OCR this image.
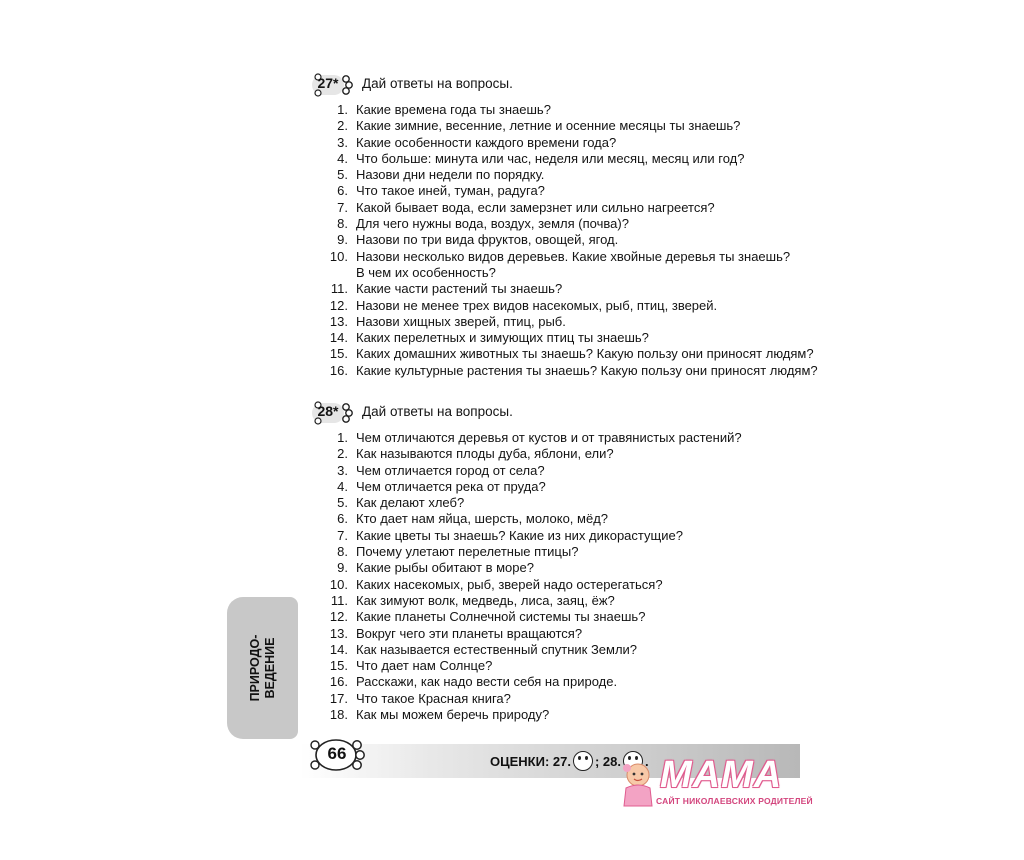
27*	Дай ответы на вопросы.
1. Какие времена года ты знаешь?
2. Какие зимние, весенние, летние и осенние месяцы ты знаешь?
3. Какие особенности каждого времени года?
4. Что больше: минута или час, неделя или месяц, месяц или год?
5. Назови дни недели по порядку.
6. Что такое иней, туман, радуга?
7. Какой бывает вода, если замерзнет или сильно нагреется?
8. Для чего нужны вода, воздух, земля (почва)?
9. Назови по три вида фруктов, овощей, ягод.
10. Назови несколько видов деревьев. Какие хвойные деревья ты знаешь?
В чем их особенность?
11. Какие части растений ты знаешь?
12. Назови не менее трех видов насекомых, рыб, птиц, зверей.
13. Назови хищных зверей, птиц, рыб.
14. Каких перелетных и зимующих птиц ты знаешь?
15. Каких домашних животных ты знаешь? Какую пользу они приносят людям?
16. Какие культурные растения ты знаешь? Какую пользу они приносят людям?
28*	Дай ответы на вопросы.
1. Чем отличаются деревья от кустов и от травянистых растений?
2. Как называются плоды дуба, яблони, ели?
3. Чем отличается город от села?
4. Чем отличается река от пруда?
5. Как делают хлеб?
6. Кто дает нам яйца, шерсть, молоко, мёд?
7. Какие цветы ты знаешь? Какие из них дикорастущие?
8. Почему улетают перелетные птицы?
9. Какие рыбы обитают в море?
10. Каких насекомых, рыб, зверей надо остерегаться?
11. Как зимуют волк, медведь, лиса, заяц, ёж?
12. Какие планеты Солнечной системы ты знаешь?
13. Вокруг чего эти планеты вращаются?
14. Как называется естественный спутник Земли?
15. Что дает нам Солнце?
16. Расскажи, как надо вести себя на природе.
17. Что такое Красная книга?
18. Как мы можем беречь природу?
ПРИРОДО- ВЕДЕНИЕ
66	ОЦЕНКИ: 27. ; 28. . МАМА
САЙТ НИКОЛАЕВСКИХ РОДИТЕЛЕЙ
